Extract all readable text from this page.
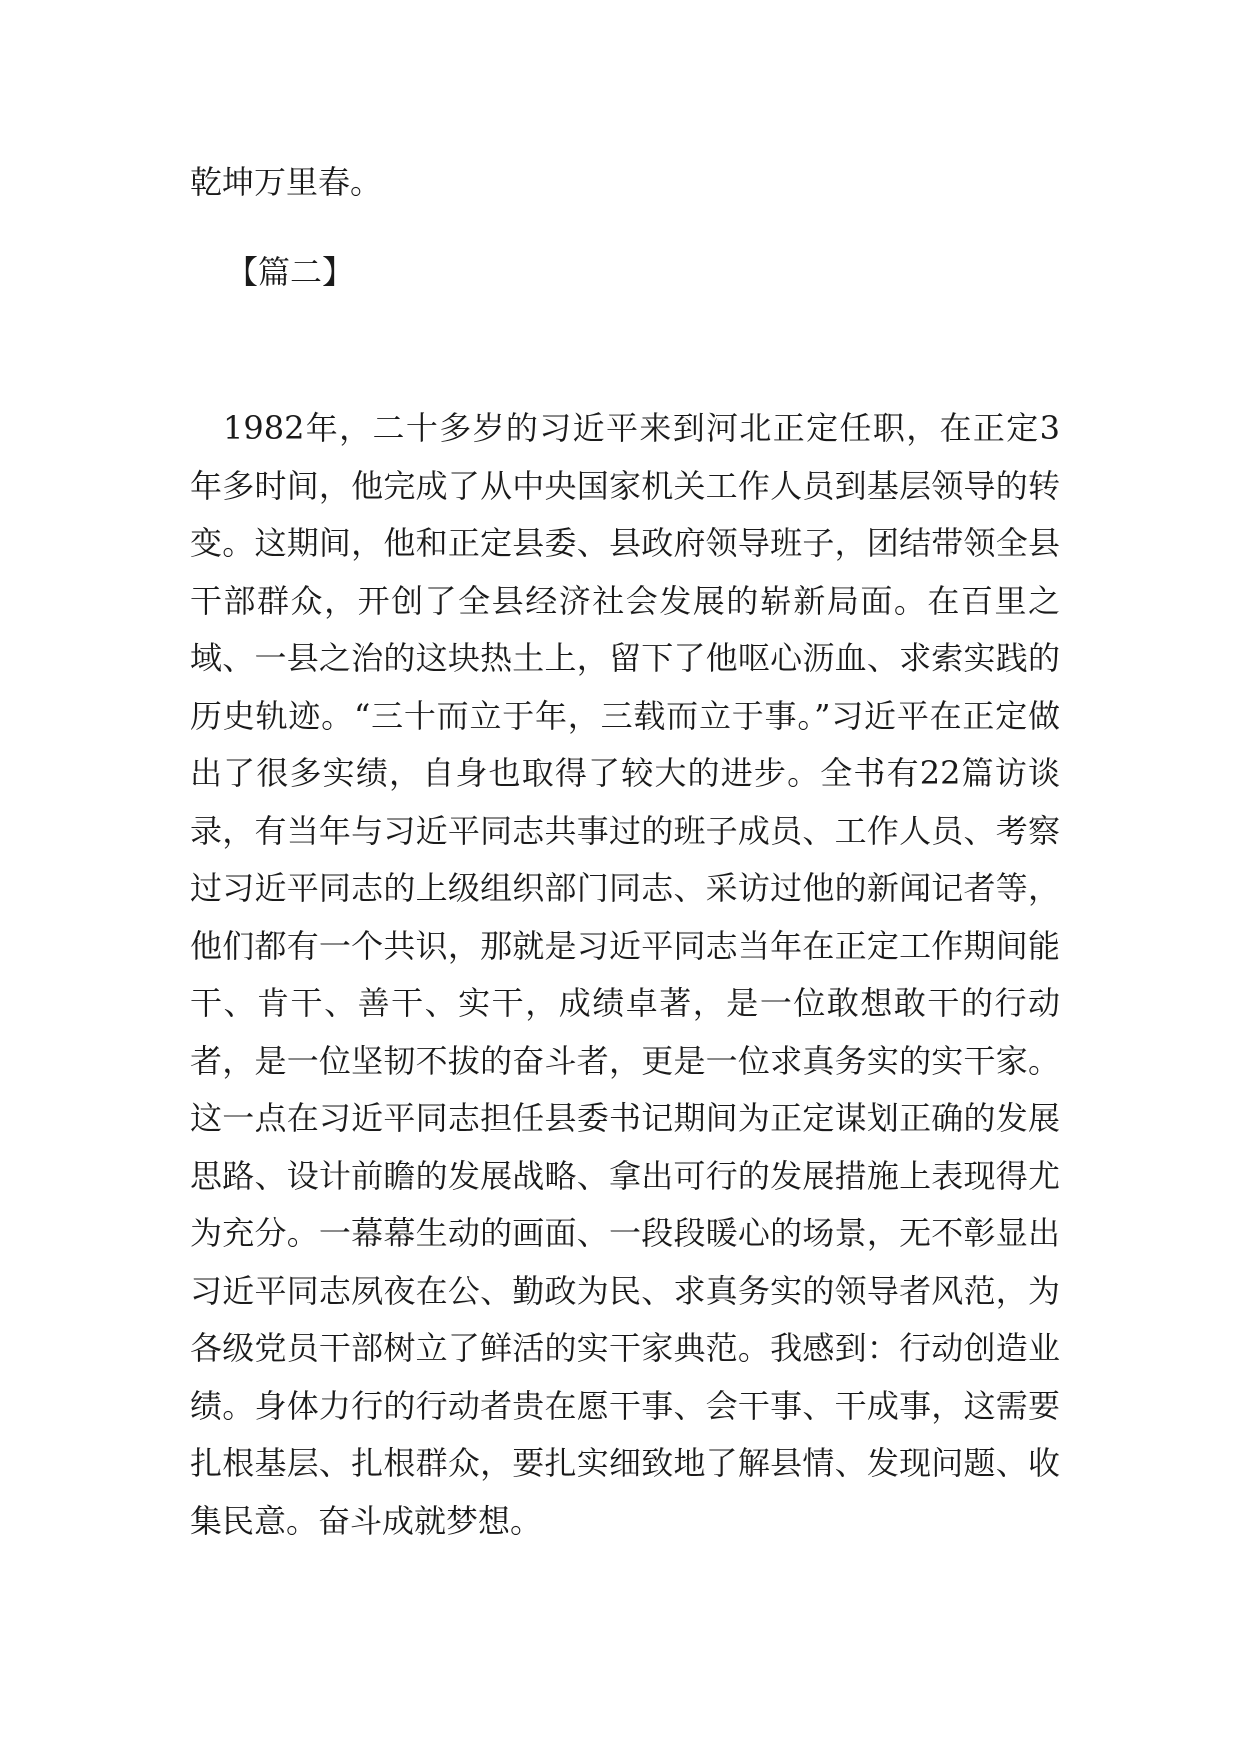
乾坤万里春。

【篇二】

1982年，二十多岁的习近平来到河北正定任职，在正定3年多时间，他完成了从中央国家机关工作人员到基层领导的转变。这期间，他和正定县委、县政府领导班子，团结带领全县干部群众，开创了全县经济社会发展的崭新局面。在百里之域、一县之治的这块热土上，留下了他呕心沥血、求索实践的历史轨迹。“三十而立于年，三载而立于事。”习近平在正定做出了很多实绩，自身也取得了较大的进步。全书有22篇访谈录，有当年与习近平同志共事过的班子成员、工作人员、考察过习近平同志的上级组织部门同志、采访过他的新闻记者等，他们都有一个共识，那就是习近平同志当年在正定工作期间能干、肯干、善干、实干，成绩卓著，是一位敢想敢干的行动者，是一位坚韧不拔的奋斗者，更是一位求真务实的实干家。这一点在习近平同志担任县委书记期间为正定谋划正确的发展思路、设计前瞻的发展战略、拿出可行的发展措施上表现得尤为充分。一幕幕生动的画面、一段段暖心的场景，无不彰显出习近平同志夙夜在公、勤政为民、求真务实的领导者风范，为各级党员干部树立了鲜活的实干家典范。我感到：行动创造业绩。身体力行的行动者贵在愿干事、会干事、干成事，这需要扎根基层、扎根群众，要扎实细致地了解县情、发现问题、收集民意。奋斗成就梦想。
